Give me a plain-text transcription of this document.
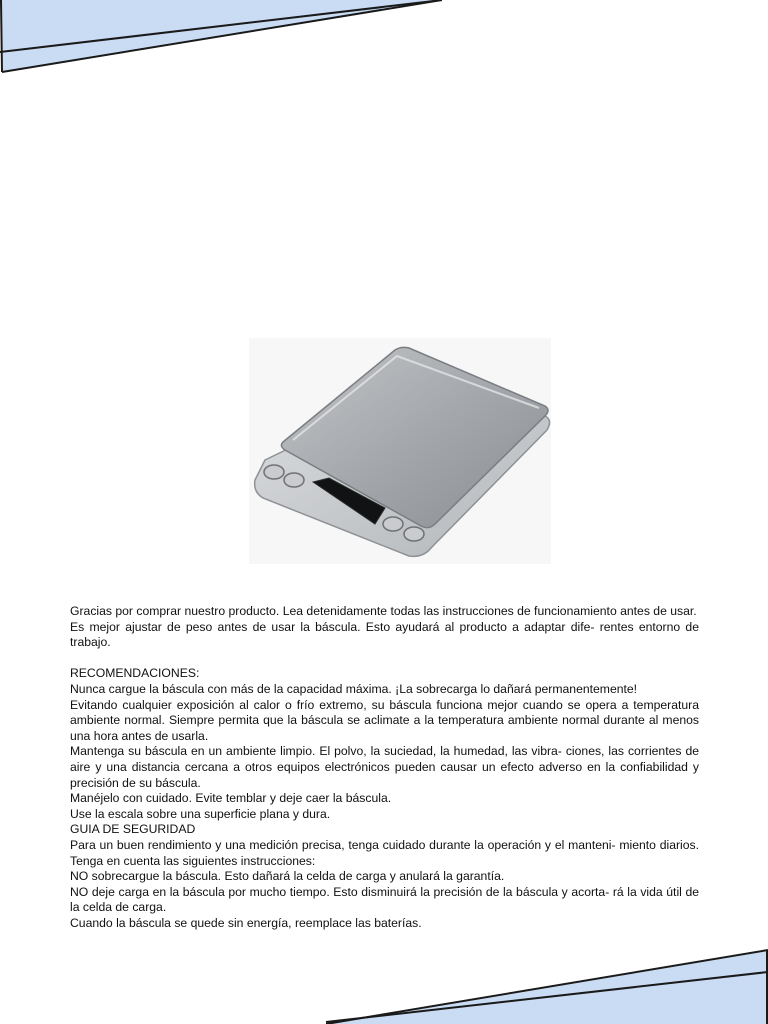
Gracias por comprar nuestro producto. Lea detenidamente todas las instrucciones de funcionamiento antes de usar.

Es mejor ajustar de peso antes de usar la báscula. Esto ayudará al producto a adaptar dife- rentes entorno de trabajo.

RECOMENDACIONES:

Nunca cargue la báscula con más de la capacidad máxima. ¡La sobrecarga lo dañará permanentemente!

Evitando cualquier exposición al calor o frío extremo, su báscula funciona mejor cuando se opera a temperatura ambiente normal. Siempre permita que la báscula se aclimate a la temperatura ambiente normal durante al menos una hora antes de usarla.

Mantenga su báscula en un ambiente limpio. El polvo, la suciedad, la humedad, las vibra- ciones, las corrientes de aire y una distancia cercana a otros equipos electrónicos pueden causar un efecto adverso en la confiabilidad y precisión de su báscula.

Manéjelo con cuidado. Evite temblar y deje caer la báscula.

Use la escala sobre una superficie plana y dura.

GUIA DE SEGURIDAD

Para un buen rendimiento y una medición precisa, tenga cuidado durante la operación y el manteni- miento diarios. Tenga en cuenta las siguientes instrucciones:

NO sobrecargue la báscula. Esto dañará la celda de carga y anulará la garantía.

NO deje carga en la báscula por mucho tiempo. Esto disminuirá la precisión de la báscula y acorta- rá la vida útil de la celda de carga.

Cuando la báscula se quede sin energía, reemplace las baterías.
